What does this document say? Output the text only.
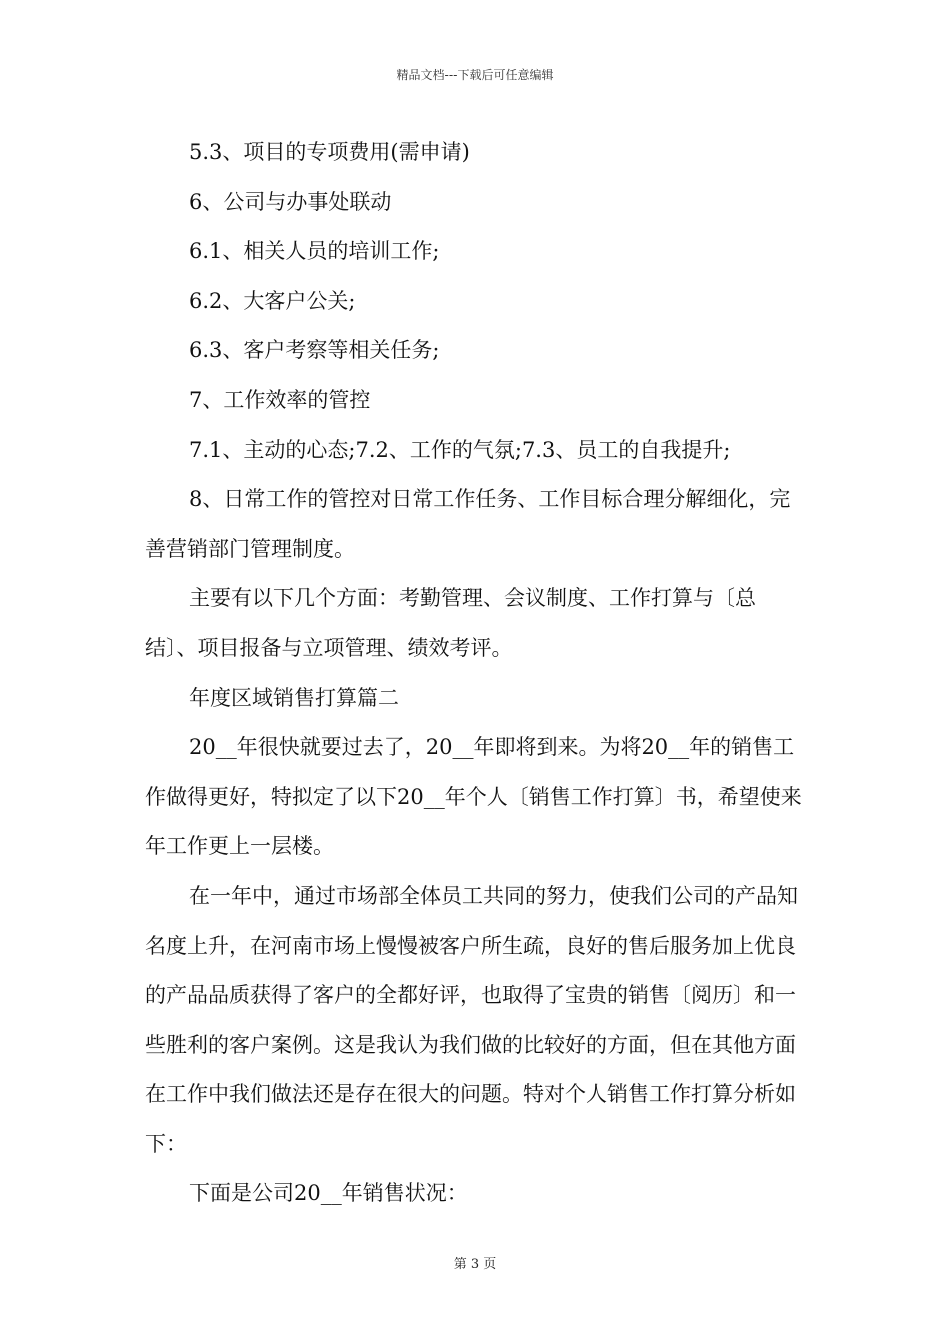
精品文档---下载后可任意编辑

5.3、项目的专项费用(需申请)

6、公司与办事处联动

6.1、相关人员的培训工作;

6.2、大客户公关;

6.3、客户考察等相关任务;

7、工作效率的管控

7.1、主动的心态;7.2、工作的气氛;7.3、员工的自我提升;

8、日常工作的管控对日常工作任务、工作目标合理分解细化，完善营销部门管理制度。

主要有以下几个方面：考勤管理、会议制度、工作打算与〔总结〕、项目报备与立项管理、绩效考评。

年度区域销售打算篇二

20__年很快就要过去了，20__年即将到来。为将20__年的销售工作做得更好，特拟定了以下20__年个人〔销售工作打算〕书，希望使来年工作更上一层楼。

在一年中，通过市场部全体员工共同的努力，使我们公司的产品知名度上升，在河南市场上慢慢被客户所生疏，良好的售后服务加上优良的产品品质获得了客户的全都好评，也取得了宝贵的销售〔阅历〕和一些胜利的客户案例。这是我认为我们做的比较好的方面，但在其他方面在工作中我们做法还是存在很大的问题。特对个人销售工作打算分析如下：

下面是公司20__年销售状况：

第 3 页
